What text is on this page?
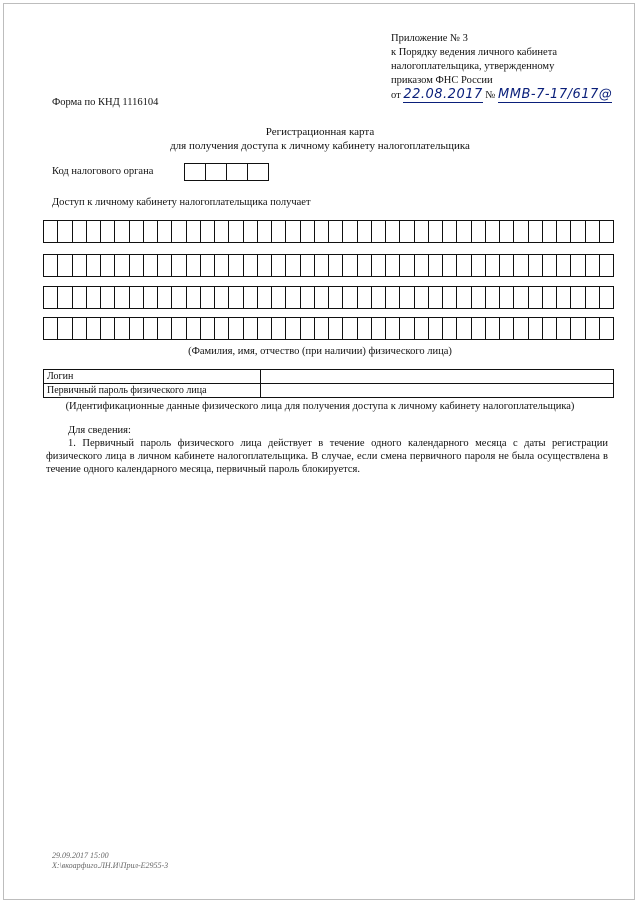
Приложение № 3
к Порядку ведения личного кабинета
налогоплательщика, утвержденному
приказом ФНС России
от 22.08.2017 № ММВ-7-17/617@
Форма по КНД 1116104
Регистрационная карта
для получения доступа к личному кабинету налогоплательщика
Код налогового органа
Доступ к личному кабинету налогоплательщика получает
(Фамилия, имя, отчество (при наличии) физического лица)
Логин	
Первичный пароль физического лица	
(Идентификационные данные физического лица для получения доступа к личному кабинету налогоплательщика)
Для сведения:
1. Первичный пароль физического лица действует в течение одного календарного месяца с даты регистрации физического лица в личном кабинете налогоплательщика. В случае, если смена первичного пароля не была осуществлена в течение одного календарного месяца, первичный пароль блокируется.
29.09.2017 15:00
X:\вкоарфиго.ЛН.И\Прил-Е2955-3
